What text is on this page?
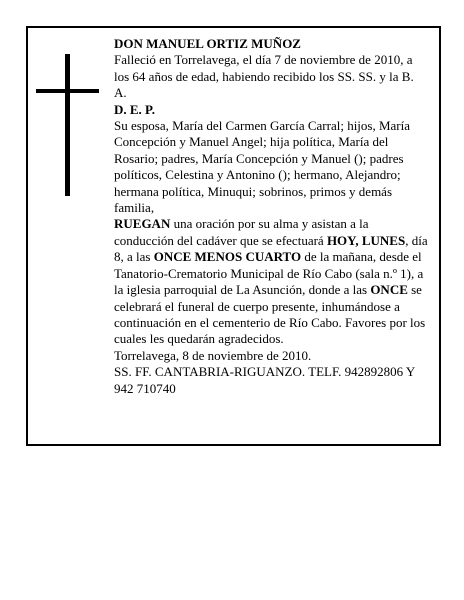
DON MANUEL ORTIZ MUÑOZ

Falleció en Torrelavega, el día 7 de noviembre de 2010, a los 64 años de edad, habiendo recibido los SS. SS. y la B. A.

D. E. P.

Su esposa, María del Carmen García Carral; hijos, María Concepción y Manuel Angel; hija política, María del Rosario; padres, María Concepción y Manuel (); padres políticos, Celestina y Antonino (); hermano, Alejandro; hermana política, Minuqui; sobrinos, primos y demás familia,

RUEGAN una oración por su alma y asistan a la conducción del cadáver que se efectuará HOY, LUNES, día 8, a las ONCE MENOS CUARTO de la mañana, desde el Tanatorio-Crematorio Municipal de Río Cabo (sala n.º 1), a la iglesia parroquial de La Asunción, donde a las ONCE se celebrará el funeral de cuerpo presente, inhumándose a continuación en el cementerio de Río Cabo. Favores por los cuales les quedarán agradecidos.

Torrelavega, 8 de noviembre de 2010.

SS. FF. CANTABRIA-RIGUANZO. TELF. 942892806 Y 942 710740
